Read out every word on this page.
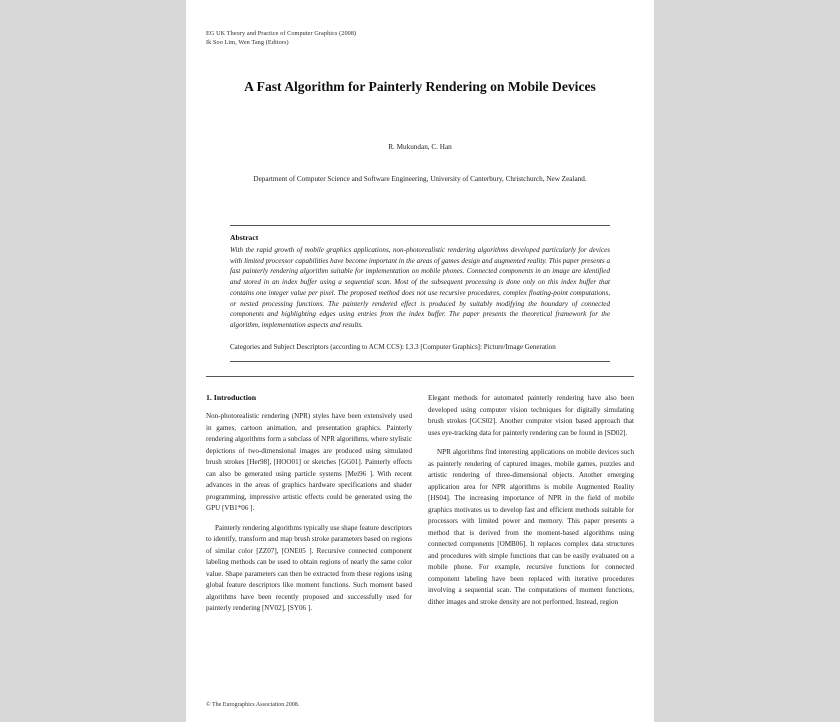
EG UK Theory and Practice of Computer Graphics (2008)
Ik Soo Lim, Wen Tang (Editors)
A Fast Algorithm for Painterly Rendering on Mobile Devices
R. Mukundan, C. Han
Department of Computer Science and Software Engineering, University of Canterbury, Christchurch, New Zealand.
Abstract
With the rapid growth of mobile graphics applications, non-photorealistic rendering algorithms developed particularly for devices with limited processor capabilities have become important in the areas of games design and augmented reality. This paper presents a fast painterly rendering algorithm suitable for implementation on mobile phones. Connected components in an image are identified and stored in an index buffer using a sequential scan. Most of the subsequent processing is done only on this index buffer that contains one integer value per pixel. The proposed method does not use recursive procedures, complex floating-point computations, or nested processing functions. The painterly rendered effect is produced by suitably modifying the boundary of connected components and highlighting edges using entries from the index buffer. The paper presents the theoretical framework for the algorithm, implementation aspects and results.
Categories and Subject Descriptors (according to ACM CCS): I.3.3 [Computer Graphics]: Picture/Image Generation
1. Introduction

Non-photorealistic rendering (NPR) styles have been extensively used in games, cartoon animation, and presentation graphics. Painterly rendering algorithms form a subclass of NPR algorithms, where stylistic depictions of two-dimensional images are produced using simulated brush strokes [Her98], [HOO01] or sketches [GG01]. Painterly effects can also be generated using particle systems [Mei96 ]. With recent advances in the areas of graphics hardware specifications and shader programming, impressive artistic effects could be generated using the GPU [VB1*06 ].

Painterly rendering algorithms typically use shape feature descriptors to identify, transform and map brush stroke parameters based on regions of similar color [ZZ07], [ONE05 ]. Recursive connected component labeling methods can be used to obtain regions of nearly the same color value. Shape parameters can then be extracted from these regions using global feature descriptors like moment functions. Such moment based algorithms have been recently proposed and successfully used for painterly rendering [NV02], [SY06 ].

Elegant methods for automated painterly rendering have also been developed using computer vision techniques for digitally simulating brush strokes [GCS02]. Another computer vision based approach that uses eye-tracking data for painterly rendering can be found in [SD02].

NPR algorithms find interesting applications on mobile devices such as painterly rendering of captured images, mobile games, puzzles and artistic rendering of three-dimensional objects. Another emerging application area for NPR algorithms is mobile Augmented Reality [HS04]. The increasing importance of NPR in the field of mobile graphics motivates us to develop fast and efficient methods suitable for processors with limited power and memory. This paper presents a method that is derived from the moment-based algorithms using connected components [OMB06]. It replaces complex data structures and procedures with simple functions that can be easily evaluated on a mobile phone. For example, recursive functions for connected component labeling have been replaced with iterative procedures involving a sequential scan. The computations of moment functions, dither images and stroke density are not performed. Instead, region

© The Eurographics Association 2008.
